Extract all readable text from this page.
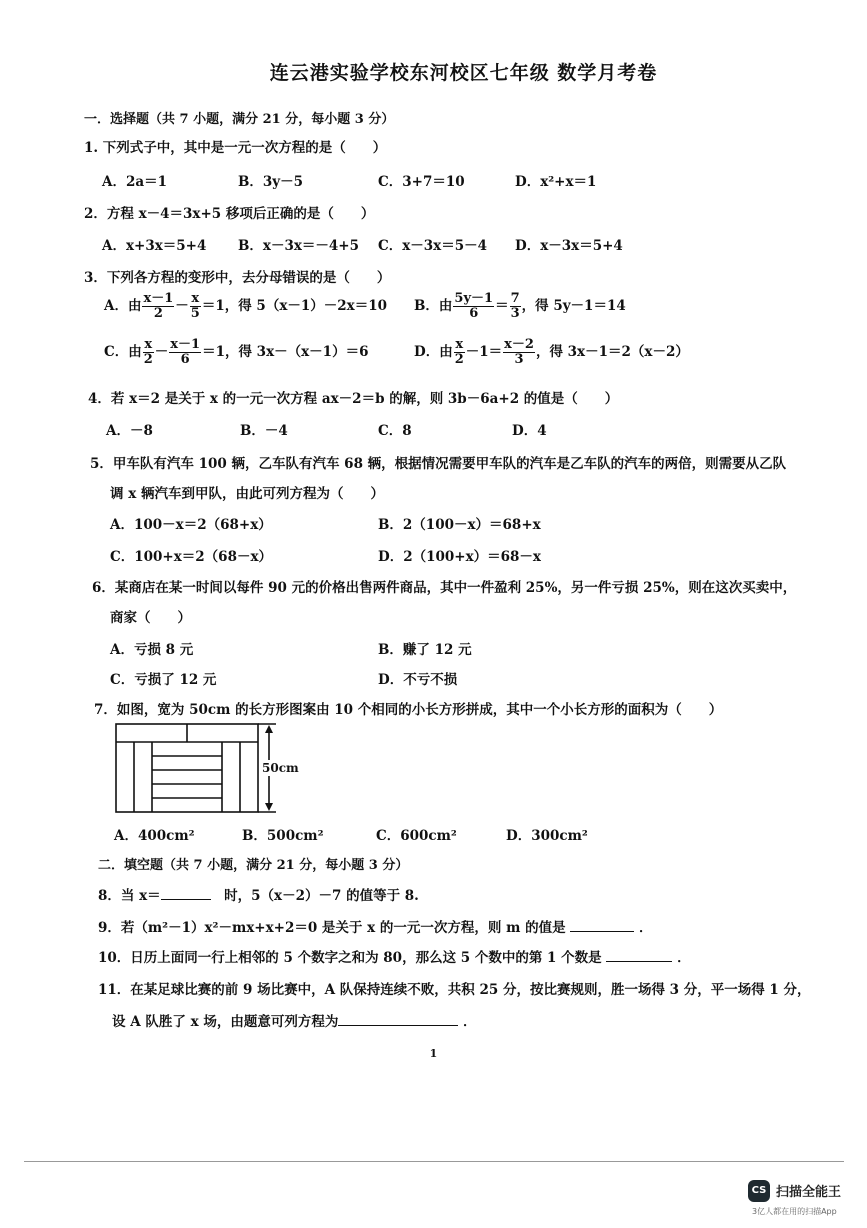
连云港实验学校东河校区七年级 数学月考卷
一．选择题（共 7 小题，满分 21 分，每小题 3 分）
1. 下列式子中，其中是一元一次方程的是（　　）
A．2a＝1	B．3y－5	C．3+7＝10	D．x²+x＝1
2．方程 x－4＝3x+5 移项后正确的是（　　）
A．x+3x＝5+4 B．x－3x＝－4+5 C．x－3x＝5－4 D．x－3x＝5+4
3．下列各方程的变形中，去分母错误的是（　　）
A．由 $\frac{x-1}{2} - \frac{x}{5} =1$，得 5（x－1）－2x＝10 B．由 $\frac{5y-1}{6} = \frac{7}{3}$ ，得 5y－1＝14
C．由 $\frac{x}{2} - \frac{x-1}{6} =1$，得 3x－（x－1）＝6	D．由 $\frac{x}{2} -1= \frac{x-2}{3}$ ，得 3x－1＝2（x－2）
4．若 x＝2 是关于 x 的一元一次方程 ax－2＝b 的解，则 3b－6a+2 的值是（　　）
A．－8	B．－4	C．8	D．4
5．甲车队有汽车 100 辆，乙车队有汽车 68 辆，根据情况需要甲车队的汽车是乙车队的汽车的两倍，则需要从乙队
调 x 辆汽车到甲队，由此可列方程为（　　）
A．100－x＝2（68+x）	B．2（100－x）＝68+x
C．100+x＝2（68－x）	D．2（100+x）＝68－x
6．某商店在某一时间以每件 90 元的价格出售两件商品，其中一件盈利 25%，另一件亏损 25%，则在这次买卖中，
商家（　　）
A．亏损 8 元	B．赚了 12 元
C．亏损了 12 元	D．不亏不损
7．如图，宽为 50cm 的长方形图案由 10 个相同的小长方形拼成，其中一个小长方形的面积为（　　）
50cm
A．400cm²	B．500cm²	C．600cm²	D．300cm²
二．填空题（共 7 小题，满分 21 分，每小题 3 分）
8．当 x＝	　时，5（x－2）－7 的值等于 8.
9．若（m²－1）x²－mx+x+2＝0 是关于 x 的一元一次方程，则 m 的值是	．
10．日历上面同一行上相邻的 5 个数字之和为 80，那么这 5 个数中的第 1 个数是	．
11．在某足球比赛的前 9 场比赛中，A 队保持连续不败，共积 25 分，按比赛规则，胜一场得 3 分，平一场得 1 分，
设 A 队胜了 x 场，由题意可列方程为	．
1
CS 扫描全能王
3亿人都在用的扫描App
